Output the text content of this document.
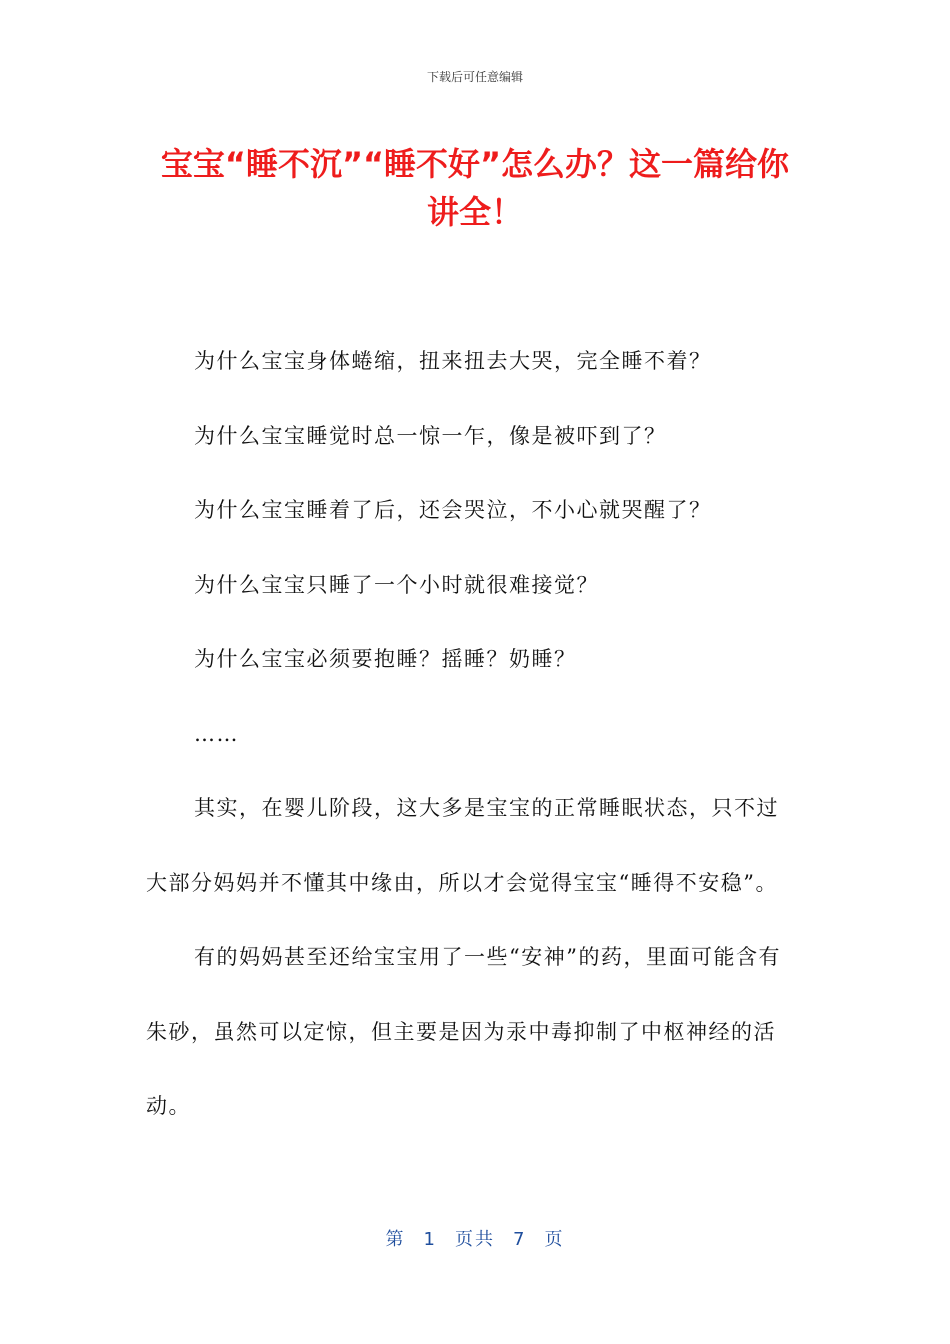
下载后可任意编辑
宝宝“睡不沉”“睡不好”怎么办？这一篇给你讲全！

为什么宝宝身体蜷缩，扭来扭去大哭，完全睡不着？

为什么宝宝睡觉时总一惊一乍，像是被吓到了？

为什么宝宝睡着了后，还会哭泣，不小心就哭醒了？

为什么宝宝只睡了一个小时就很难接觉？

为什么宝宝必须要抱睡？摇睡？奶睡？

……

其实，在婴儿阶段，这大多是宝宝的正常睡眠状态，只不过大部分妈妈并不懂其中缘由，所以才会觉得宝宝“睡得不安稳”。

有的妈妈甚至还给宝宝用了一些“安神”的药，里面可能含有朱砂，虽然可以定惊，但主要是因为汞中毒抑制了中枢神经的活动。

第 1 页共 7 页
